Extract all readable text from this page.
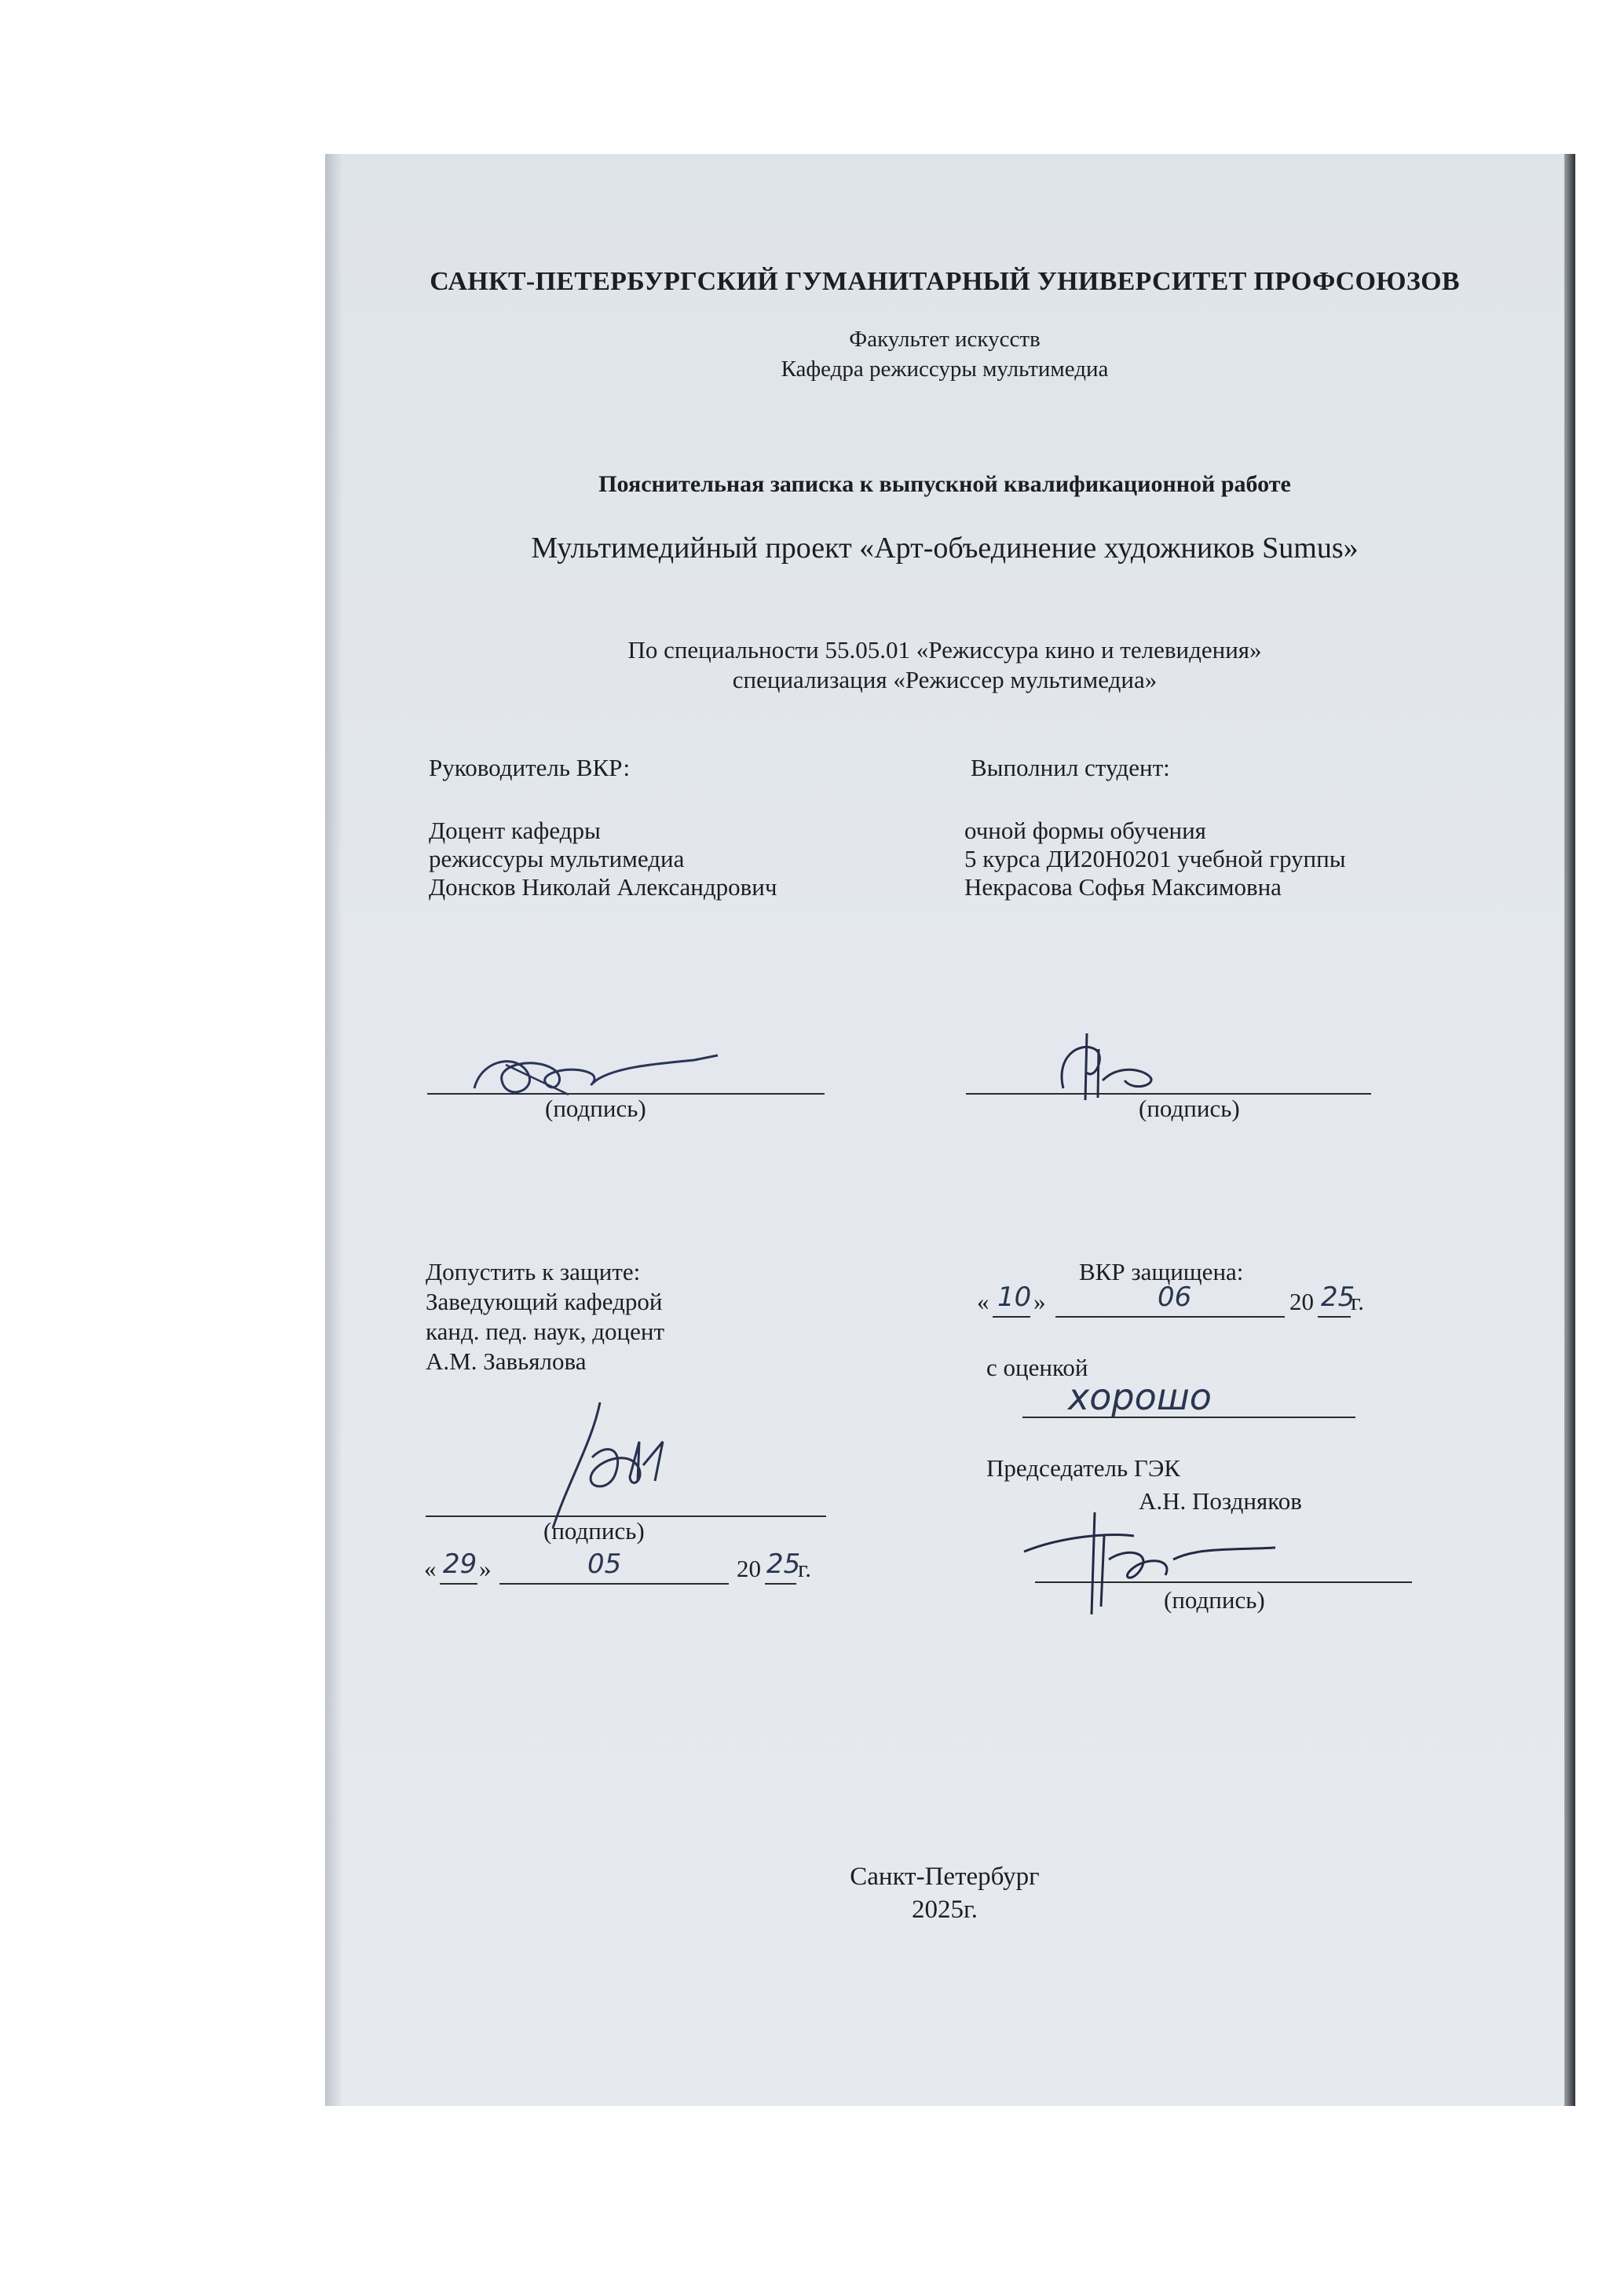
САНКТ-ПЕТЕРБУРГСКИЙ ГУМАНИТАРНЫЙ УНИВЕРСИТЕТ ПРОФСОЮЗОВ
Факультет искусств
Кафедра режиссуры мультимедиа
Пояснительная записка к выпускной квалификационной работе
Мультимедийный проект «Арт-объединение художников Sumus»
По специальности 55.05.01 «Режиссура кино и телевидения»
специализация «Режиссер мультимедиа»
Руководитель ВКР:
Доцент кафедры
режиссуры мультимедиа
Донсков Николай Александрович
Выполнил студент:
очной формы обучения
5 курса ДИ20Н0201 учебной группы
Некрасова Софья Максимовна
(подпись)	(подпись)
Допустить к защите:
Заведующий кафедрой
канд. пед. наук, доцент
А.М. Завьялова
(подпись)
« 29 »	05	20 25
г.
ВКР защищена:
« 10 »	06	20 25
г.
с оценкой
хорошо
Председатель ГЭК
А.Н. Поздняков
(подпись)
Санкт-Петербург
2025г.
